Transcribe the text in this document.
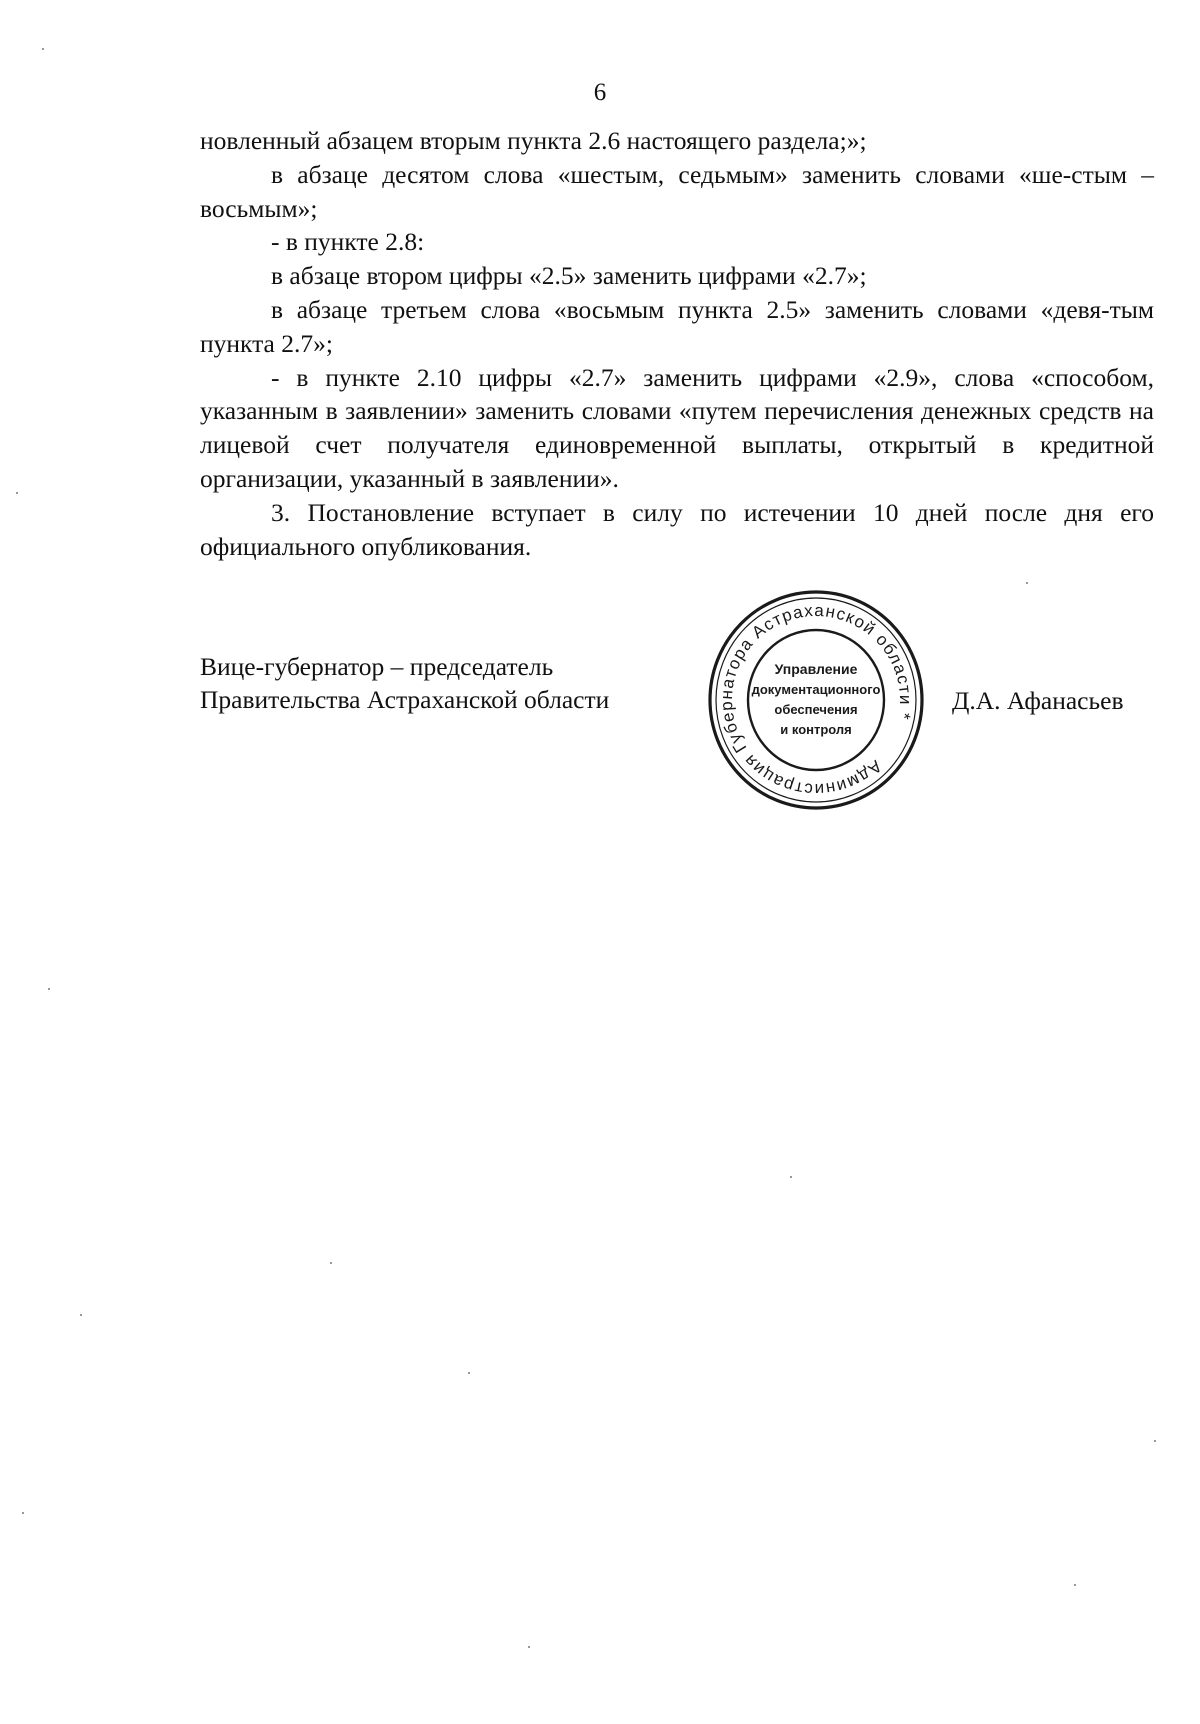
6

новленный абзацем вторым пункта 2.6 настоящего раздела;»;

в абзаце десятом слова «шестым, седьмым» заменить словами «ше-стым – восьмым»;

- в пункте 2.8:

в абзаце втором цифры «2.5» заменить цифрами «2.7»;

в абзаце третьем слова «восьмым пункта 2.5» заменить словами «девя-тым пункта 2.7»;

- в пункте 2.10 цифры «2.7» заменить цифрами «2.9», слова «способом, указанным в заявлении» заменить словами «путем перечисления денежных средств на лицевой счет получателя единовременной выплаты, открытый в кредитной организации, указанный в заявлении».

3. Постановление вступает в силу по истечении 10 дней после дня его официального опубликования.

Вице-губернатор – председатель
Правительства Астраханской области	Д.А. Афанасьев
Администрация Губернатора Астраханской области *
Управление
документационного
обеспечения
и контроля
